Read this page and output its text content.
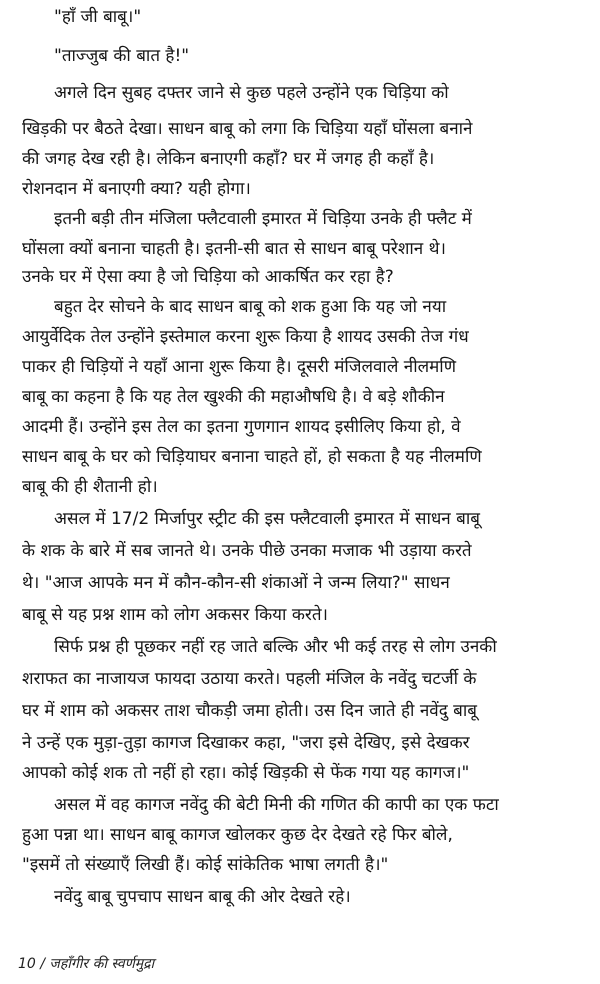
"हाँ जी बाबू।"

"ताज्जुब की बात है!"

अगले दिन सुबह दफ्तर जाने से कुछ पहले उन्होंने एक चिड़िया को

खिड़की पर बैठते देखा। साधन बाबू को लगा कि चिड़िया यहाँ घोंसला बनाने

की जगह देख रही है। लेकिन बनाएगी कहाँ? घर में जगह ही कहाँ है।

रोशनदान में बनाएगी क्या? यही होगा।

इतनी बड़ी तीन मंजिला फ्लैटवाली इमारत में चिड़िया उनके ही फ्लैट में

घोंसला क्यों बनाना चाहती है। इतनी-सी बात से साधन बाबू परेशान थे।

उनके घर में ऐसा क्या है जो चिड़िया को आकर्षित कर रहा है?

बहुत देर सोचने के बाद साधन बाबू को शक हुआ कि यह जो नया

आयुर्वेदिक तेल उन्होंने इस्तेमाल करना शुरू किया है शायद उसकी तेज गंध

पाकर ही चिड़ियों ने यहाँ आना शुरू किया है। दूसरी मंजिलवाले नीलमणि

बाबू का कहना है कि यह तेल खुश्की की महाऔषधि है। वे बड़े शौकीन

आदमी हैं। उन्होंने इस तेल का इतना गुणगान शायद इसीलिए किया हो, वे

साधन बाबू के घर को चिड़ियाघर बनाना चाहते हों, हो सकता है यह नीलमणि

बाबू की ही शैतानी हो।

असल में 17/2 मिर्जापुर स्ट्रीट की इस फ्लैटवाली इमारत में साधन बाबू

के शक के बारे में सब जानते थे। उनके पीछे उनका मजाक भी उड़ाया करते

थे। "आज आपके मन में कौन-कौन-सी शंकाओं ने जन्म लिया?" साधन

बाबू से यह प्रश्न शाम को लोग अकसर किया करते।

सिर्फ प्रश्न ही पूछकर नहीं रह जाते बल्कि और भी कई तरह से लोग उनकी

शराफत का नाजायज फायदा उठाया करते। पहली मंजिल के नवेंदु चटर्जी के

घर में शाम को अकसर ताश चौकड़ी जमा होती। उस दिन जाते ही नवेंदु बाबू

ने उन्हें एक मुड़ा-तुड़ा कागज दिखाकर कहा, "जरा इसे देखिए, इसे देखकर

आपको कोई शक तो नहीं हो रहा। कोई खिड़की से फेंक गया यह कागज।"

असल में वह कागज नवेंदु की बेटी मिनी की गणित की कापी का एक फटा

हुआ पन्ना था। साधन बाबू कागज खोलकर कुछ देर देखते रहे फिर बोले,

"इसमें तो संख्याएँ लिखी हैं। कोई सांकेतिक भाषा लगती है।"

नवेंदु बाबू चुपचाप साधन बाबू की ओर देखते रहे।

10 / जहाँगीर की स्वर्णमुद्रा
